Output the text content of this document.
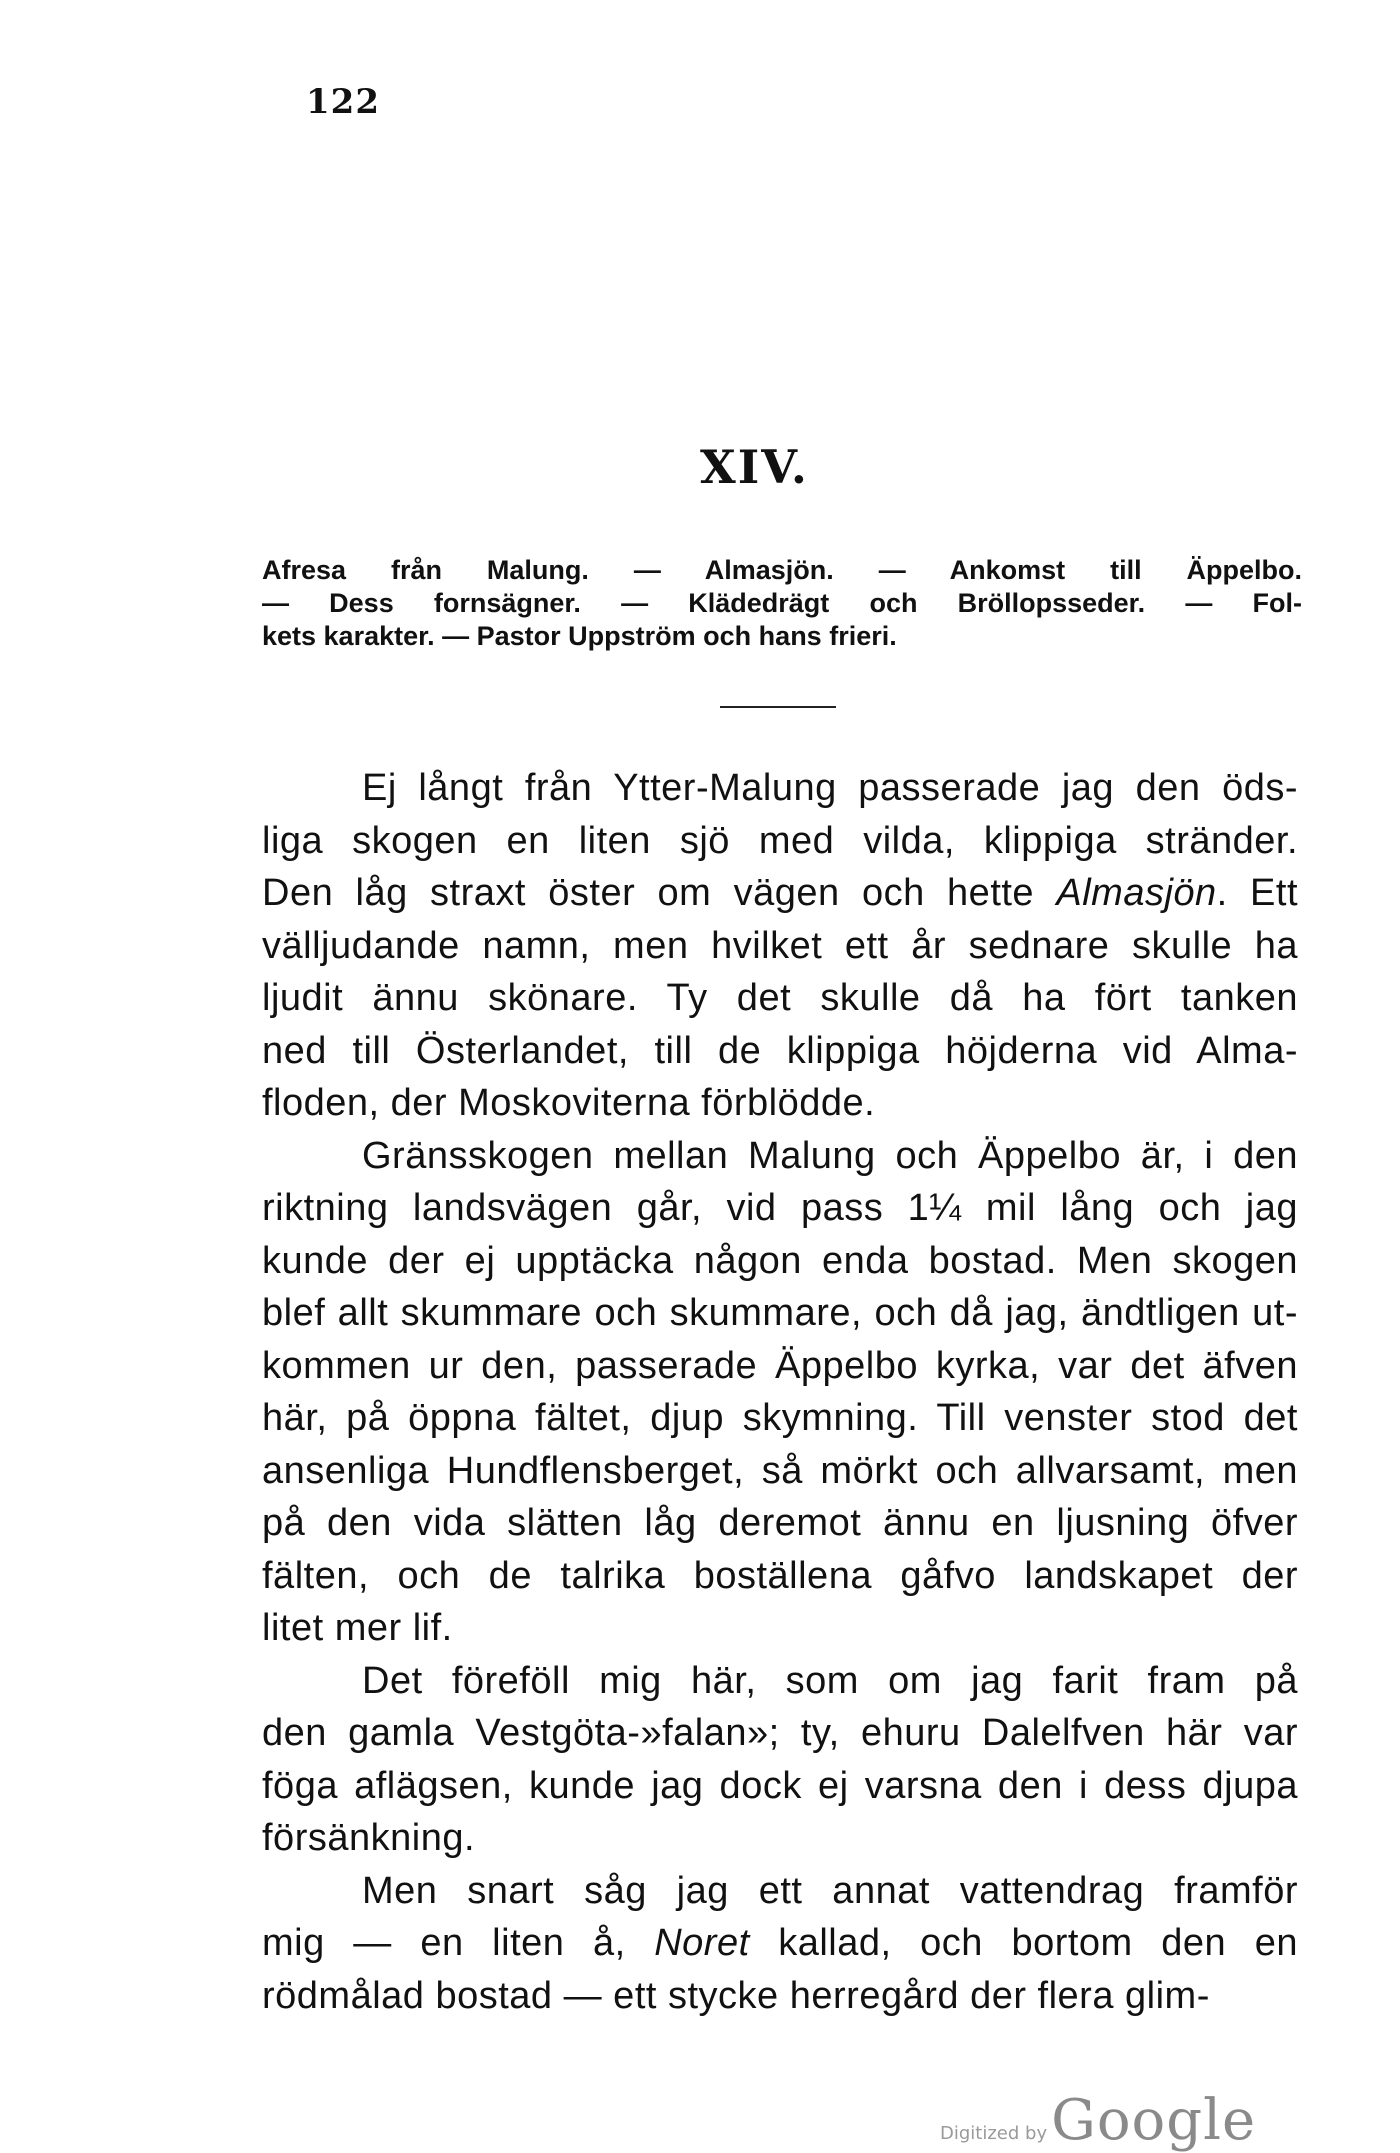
122
XIV.
Afresa från Malung. — Almasjön. — Ankomst till Äppelbo.
— Dess fornsägner. — Klädedrägt och Bröllopsseder. — Fol-
kets karakter. — Pastor Uppström och hans frieri.

Ej långt från Ytter-Malung passerade jag den öds-
liga skogen en liten sjö med vilda, klippiga stränder.
Den låg straxt öster om vägen och hette Almasjön. Ett
välljudande namn, men hvilket ett år sednare skulle ha
ljudit ännu skönare. Ty det skulle då ha fört tanken
ned till Österlandet, till de klippiga höjderna vid Alma-
floden, der Moskoviterna förblödde.

Gränsskogen mellan Malung och Äppelbo är, i den
riktning landsvägen går, vid pass 1¼ mil lång och jag
kunde der ej upptäcka någon enda bostad. Men skogen
blef allt skummare och skummare, och då jag, ändtligen ut-
kommen ur den, passerade Äppelbo kyrka, var det äfven
här, på öppna fältet, djup skymning. Till venster stod det
ansenliga Hundflensberget, så mörkt och allvarsamt, men
på den vida slätten låg deremot ännu en ljusning öfver
fälten, och de talrika boställena gåfvo landskapet der
litet mer lif.

Det föreföll mig här, som om jag farit fram på
den gamla Vestgöta-»falan»; ty, ehuru Dalelfven här var
föga aflägsen, kunde jag dock ej varsna den i dess djupa
försänkning.

Men snart såg jag ett annat vattendrag framför
mig — en liten å, Noret kallad, och bortom den en
rödmålad bostad — ett stycke herregård der flera glim-

Digitized by Google
